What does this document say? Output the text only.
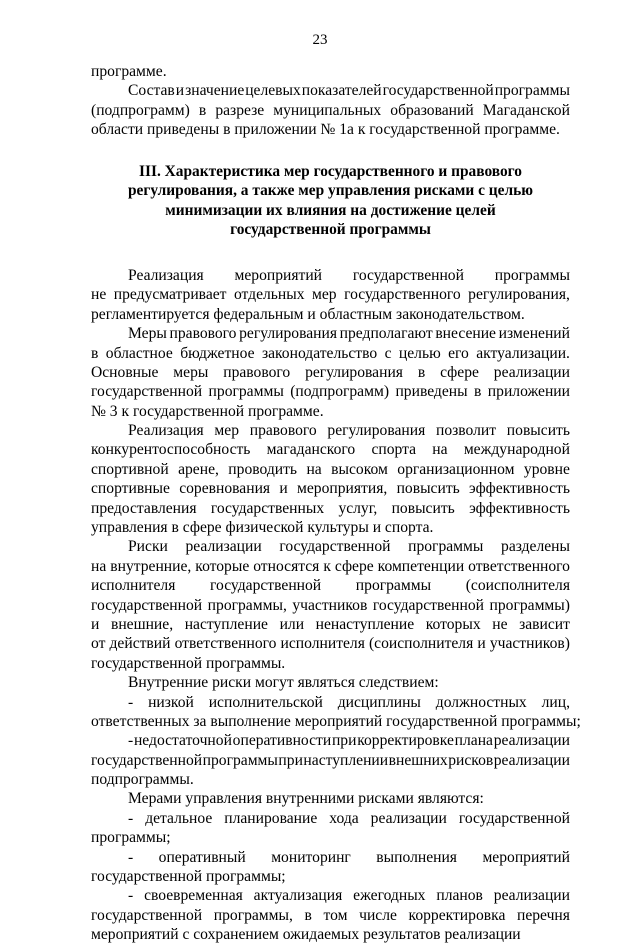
23
программе.
Состав и значение целевых показателей государственной программы
(подпрограмм) в разрезе муниципальных образований Магаданской
области приведены в приложении № 1а к государственной программе.
III. Характеристика мер государственного и правового
регулирования, а также мер управления рисками с целью
минимизации их влияния на достижение целей
государственной программы
Реализация мероприятий государственной программы
не предусматривает отдельных мер государственного регулирования,
регламентируется федеральным и областным законодательством.
Меры правового регулирования предполагают внесение изменений
в областное бюджетное законодательство с целью его актуализации.
Основные меры правового регулирования в сфере реализации
государственной программы (подпрограмм) приведены в приложении
№ 3 к государственной программе.
Реализация мер правового регулирования позволит повысить
конкурентоспособность магаданского спорта на международной
спортивной арене, проводить на высоком организационном уровне
спортивные соревнования и мероприятия, повысить эффективность
предоставления государственных услуг, повысить эффективность
управления в сфере физической культуры и спорта.
Риски реализации государственной программы разделены
на внутренние, которые относятся к сфере компетенции ответственного
исполнителя государственной программы (соисполнителя
государственной программы, участников государственной программы)
и внешние, наступление или ненаступление которых не зависит
от действий ответственного исполнителя (соисполнителя и участников)
государственной программы.
Внутренние риски могут являться следствием:
- низкой исполнительской дисциплины должностных лиц,
ответственных за выполнение мероприятий государственной программы;
- недостаточной оперативности при корректировке плана реализации
государственной программы при наступлении внешних рисков реализации
подпрограммы.
Мерами управления внутренними рисками являются:
- детальное планирование хода реализации государственной
программы;
- оперативный мониторинг выполнения мероприятий
государственной программы;
- своевременная актуализация ежегодных планов реализации
государственной программы, в том числе корректировка перечня
мероприятий с сохранением ожидаемых результатов реализации
